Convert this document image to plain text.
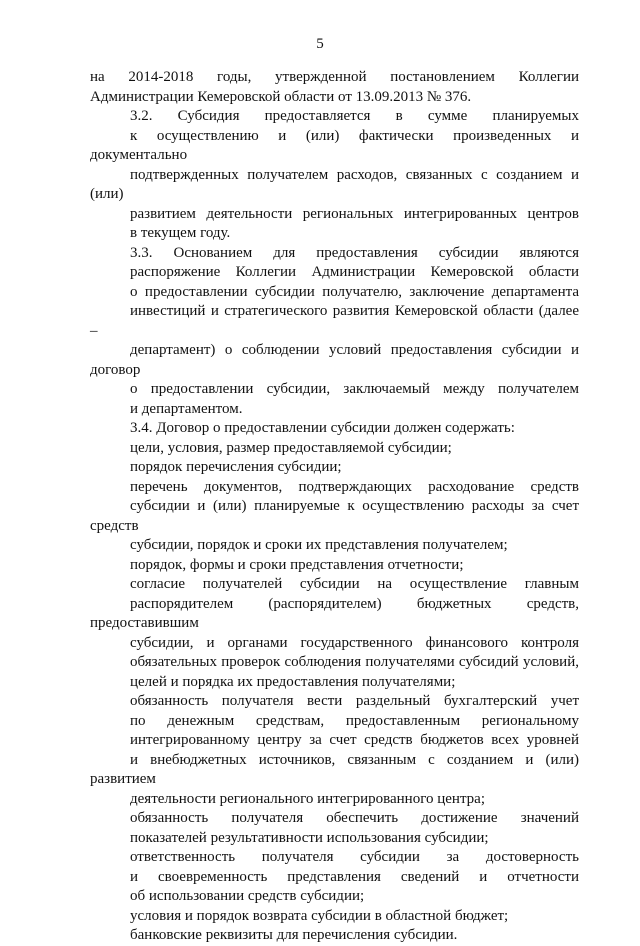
5

на 2014-2018 годы, утвержденной постановлением Коллегии
Администрации Кемеровской области от 13.09.2013 № 376.

3.2. Субсидия предоставляется в сумме планируемых
к осуществлению и (или) фактически произведенных и документально
подтвержденных получателем расходов, связанных с созданием и (или)
развитием деятельности региональных интегрированных центров
в текущем году.

3.3. Основанием для предоставления субсидии являются
распоряжение Коллегии Администрации Кемеровской области
о предоставлении субсидии получателю, заключение департамента
инвестиций и стратегического развития Кемеровской области (далее –
департамент) о соблюдении условий предоставления субсидии и договор
о предоставлении субсидии, заключаемый между получателем
и департаментом.

3.4. Договор о предоставлении субсидии должен содержать:

цели, условия, размер предоставляемой субсидии;

порядок перечисления субсидии;

перечень документов, подтверждающих расходование средств
субсидии и (или) планируемые к осуществлению расходы за счет средств
субсидии, порядок и сроки их представления получателем;

порядок, формы и сроки представления отчетности;

согласие получателей субсидии на осуществление главным
распорядителем (распорядителем) бюджетных средств, предоставившим
субсидии, и органами государственного финансового контроля
обязательных проверок соблюдения получателями субсидий условий,
целей и порядка их предоставления получателями;

обязанность получателя вести раздельный бухгалтерский учет
по денежным средствам, предоставленным региональному
интегрированному центру за счет средств бюджетов всех уровней
и внебюджетных источников, связанным с созданием и (или) развитием
деятельности регионального интегрированного центра;

обязанность получателя обеспечить достижение значений
показателей результативности использования субсидии;

ответственность получателя субсидии за достоверность
и своевременность представления сведений и отчетности
об использовании средств субсидии;

условия и порядок возврата субсидии в областной бюджет;

банковские реквизиты для перечисления субсидии.
